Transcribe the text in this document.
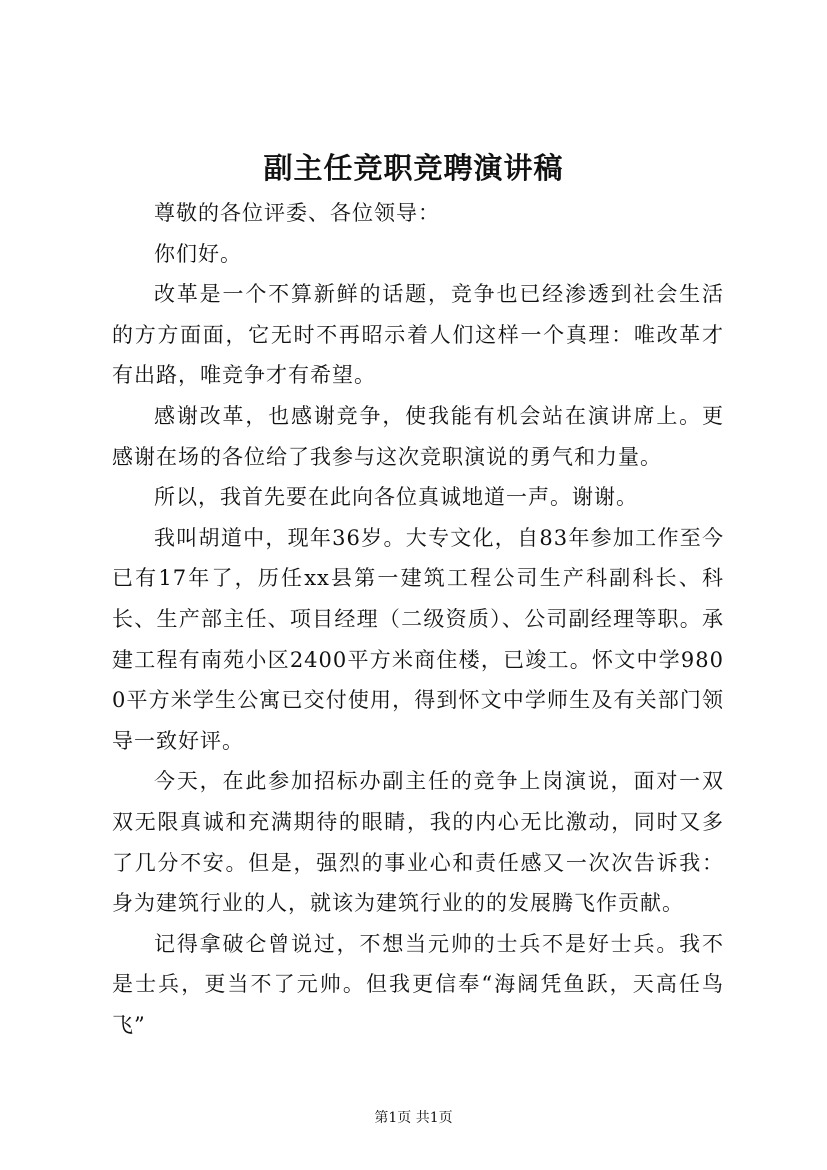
副主任竞职竞聘演讲稿

尊敬的各位评委、各位领导：

你们好。

改革是一个不算新鲜的话题，竞争也已经渗透到社会生活的方方面面，它无时不再昭示着人们这样一个真理：唯改革才有出路，唯竞争才有希望。

感谢改革，也感谢竞争，使我能有机会站在演讲席上。更感谢在场的各位给了我参与这次竞职演说的勇气和力量。

所以，我首先要在此向各位真诚地道一声。谢谢。

我叫胡道中，现年36岁。大专文化，自83年参加工作至今已有17年了，历任xx县第一建筑工程公司生产科副科长、科长、生产部主任、项目经理（二级资质）、公司副经理等职。承建工程有南苑小区2400平方米商住楼，已竣工。怀文中学9800平方米学生公寓已交付使用，得到怀文中学师生及有关部门领导一致好评。

今天，在此参加招标办副主任的竞争上岗演说，面对一双双无限真诚和充满期待的眼睛，我的内心无比激动，同时又多了几分不安。但是，强烈的事业心和责任感又一次次告诉我：身为建筑行业的人，就该为建筑行业的的发展腾飞作贡献。

记得拿破仑曾说过，不想当元帅的士兵不是好士兵。我不是士兵，更当不了元帅。但我更信奉“海阔凭鱼跃，天高任鸟飞”

第1页 共1页
